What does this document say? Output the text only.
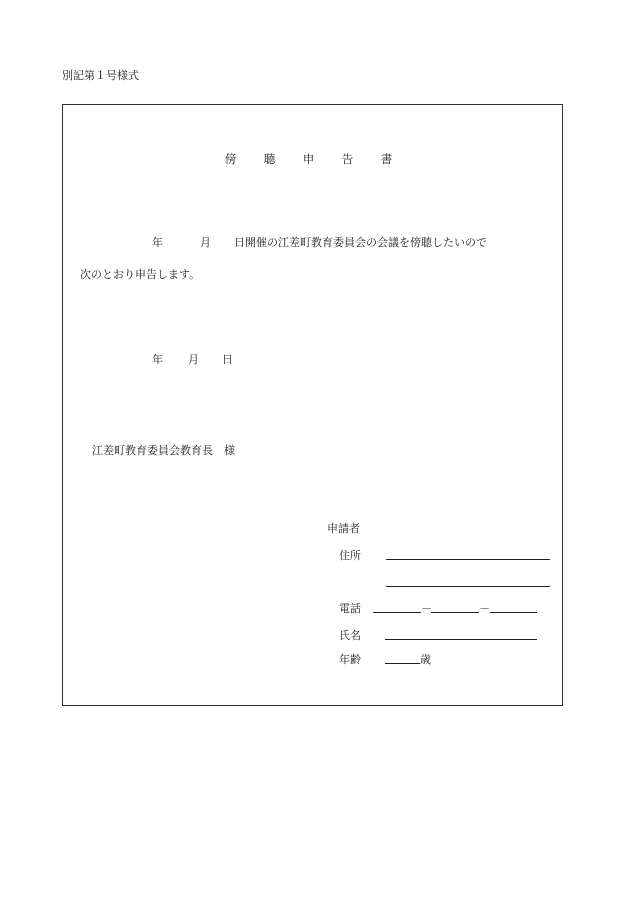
別記第１号様式
傍　聴　申　告　書
年	月 日開催の江差町教育委員会の会議を傍聴したいので
次のとおり申告します。
年 月 日
江差町教育委員会教育長　様
申請者
住所
電話	－	－
氏名
年齢	歳
